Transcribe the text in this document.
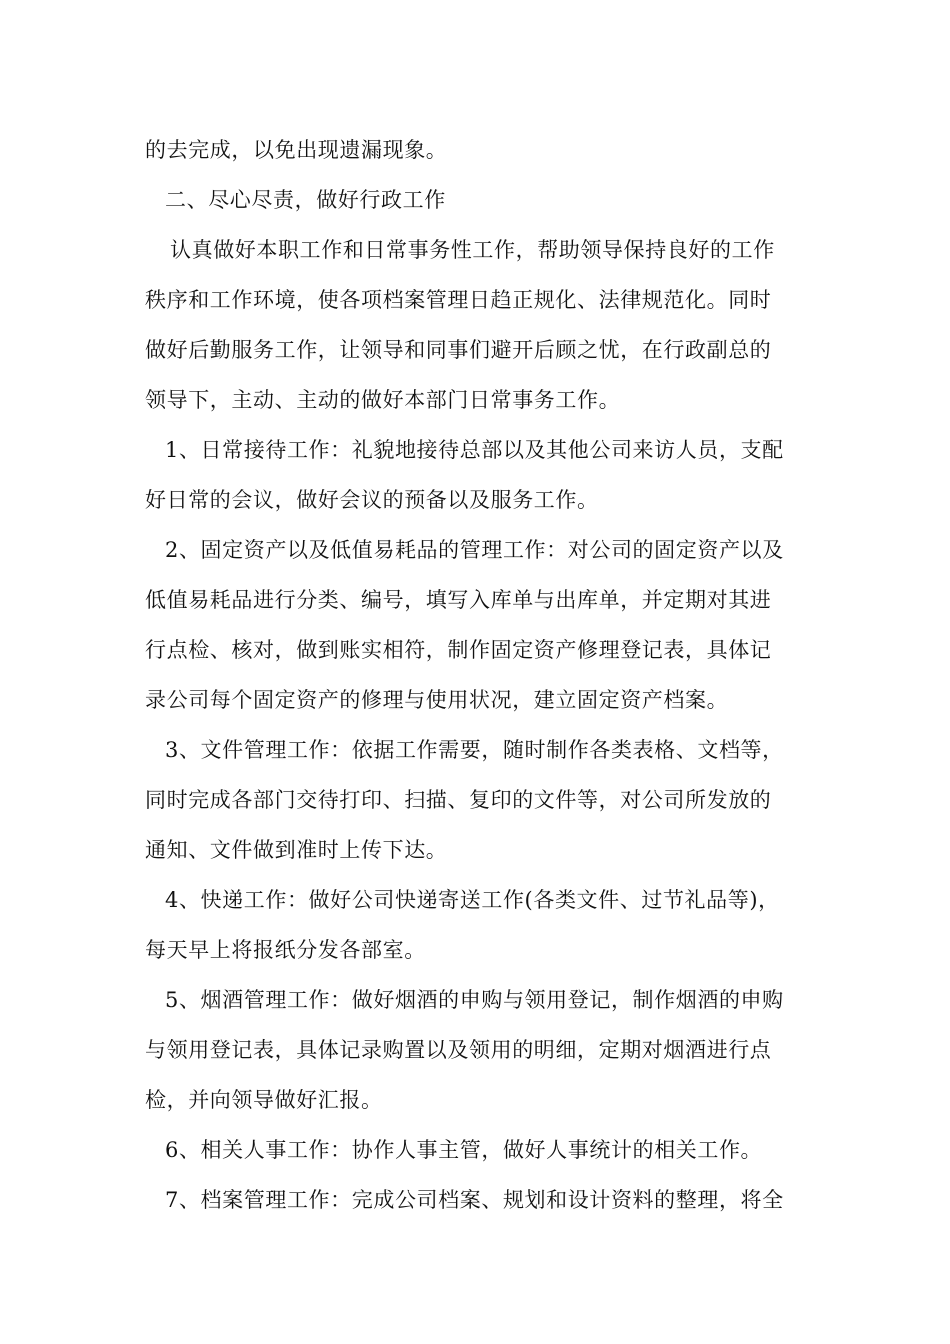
的去完成，以免出现遗漏现象。
二、尽心尽责，做好行政工作
认真做好本职工作和日常事务性工作，帮助领导保持良好的工作
秩序和工作环境，使各项档案管理日趋正规化、法律规范化。同时
做好后勤服务工作，让领导和同事们避开后顾之忧，在行政副总的
领导下，主动、主动的做好本部门日常事务工作。
1、日常接待工作：礼貌地接待总部以及其他公司来访人员，支配
好日常的会议，做好会议的预备以及服务工作。
2、固定资产以及低值易耗品的管理工作：对公司的固定资产以及
低值易耗品进行分类、编号，填写入库单与出库单，并定期对其进
行点检、核对，做到账实相符，制作固定资产修理登记表，具体记
录公司每个固定资产的修理与使用状况，建立固定资产档案。
3、文件管理工作：依据工作需要，随时制作各类表格、文档等，
同时完成各部门交待打印、扫描、复印的文件等，对公司所发放的
通知、文件做到准时上传下达。
4、快递工作：做好公司快递寄送工作(各类文件、过节礼品等)，
每天早上将报纸分发各部室。
5、烟酒管理工作：做好烟酒的申购与领用登记，制作烟酒的申购
与领用登记表，具体记录购置以及领用的明细，定期对烟酒进行点
检，并向领导做好汇报。
6、相关人事工作：协作人事主管，做好人事统计的相关工作。
7、档案管理工作：完成公司档案、规划和设计资料的整理，将全
